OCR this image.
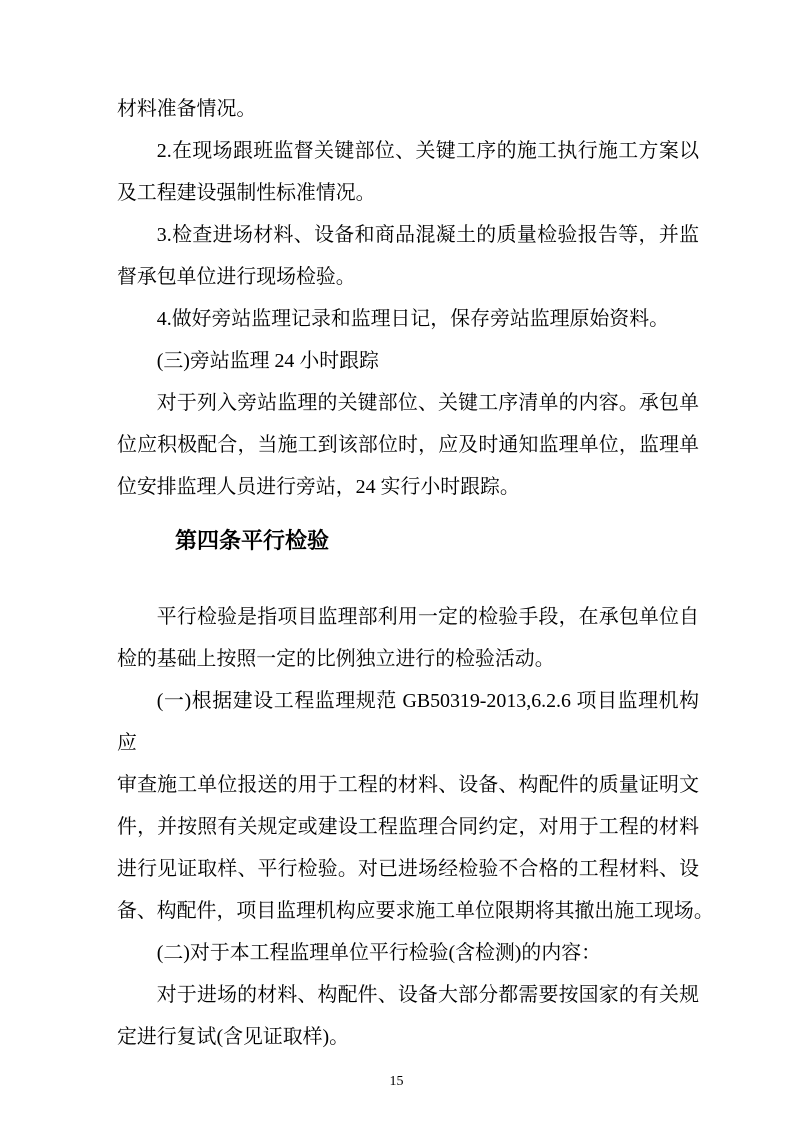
材料准备情况。
2.在现场跟班监督关键部位、关键工序的施工执行施工方案以
及工程建设强制性标准情况。
3.检查进场材料、设备和商品混凝土的质量检验报告等，并监
督承包单位进行现场检验。
4.做好旁站监理记录和监理日记，保存旁站监理原始资料。
(三)旁站监理 24 小时跟踪
对于列入旁站监理的关键部位、关键工序清单的内容。承包单
位应积极配合，当施工到该部位时，应及时通知监理单位，监理单
位安排监理人员进行旁站，24 实行小时跟踪。
第四条平行检验
平行检验是指项目监理部利用一定的检验手段，在承包单位自
检的基础上按照一定的比例独立进行的检验活动。
(一)根据建设工程监理规范 GB50319-2013,6.2.6 项目监理机构应
审查施工单位报送的用于工程的材料、设备、构配件的质量证明文
件，并按照有关规定或建设工程监理合同约定，对用于工程的材料
进行见证取样、平行检验。对已进场经检验不合格的工程材料、设
备、构配件，项目监理机构应要求施工单位限期将其撤出施工现场。
(二)对于本工程监理单位平行检验(含检测)的内容：
对于进场的材料、构配件、设备大部分都需要按国家的有关规
定进行复试(含见证取样)。
15
